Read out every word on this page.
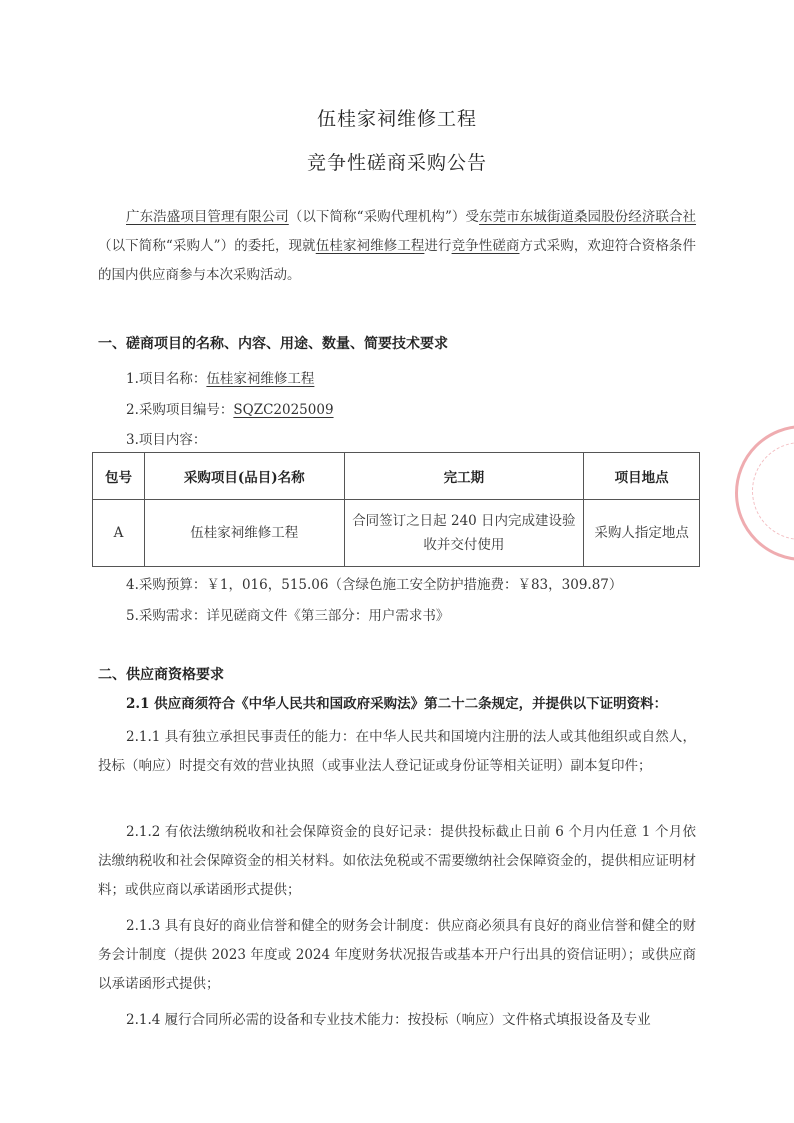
伍桂家祠维修工程
竞争性磋商采购公告
广东浩盛项目管理有限公司（以下简称“采购代理机构”）受东莞市东城街道桑园股份经济联合社（以下简称“采购人”）的委托，现就伍桂家祠维修工程进行竞争性磋商方式采购，欢迎符合资格条件的国内供应商参与本次采购活动。
一、磋商项目的名称、内容、用途、数量、简要技术要求
1.项目名称：伍桂家祠维修工程
2.采购项目编号：SQZC2025009
3.项目内容：
包号	采购项目(品目)名称	完工期	项目地点
A	伍桂家祠维修工程	合同签订之日起 240 日内完成建设验收并交付使用	采购人指定地点
4.采购预算：￥1，016，515.06（含绿色施工安全防护措施费：￥83，309.87）
5.采购需求：详见磋商文件《第三部分：用户需求书》
二、供应商资格要求
2.1 供应商须符合《中华人民共和国政府采购法》第二十二条规定，并提供以下证明资料：
2.1.1 具有独立承担民事责任的能力：在中华人民共和国境内注册的法人或其他组织或自然人，投标（响应）时提交有效的营业执照（或事业法人登记证或身份证等相关证明）副本复印件；
2.1.2 有依法缴纳税收和社会保障资金的良好记录：提供投标截止日前 6 个月内任意 1 个月依法缴纳税收和社会保障资金的相关材料。如依法免税或不需要缴纳社会保障资金的，提供相应证明材料；或供应商以承诺函形式提供；
2.1.3 具有良好的商业信誉和健全的财务会计制度：供应商必须具有良好的商业信誉和健全的财务会计制度（提供 2023 年度或 2024 年度财务状况报告或基本开户行出具的资信证明）；或供应商以承诺函形式提供；
2.1.4 履行合同所必需的设备和专业技术能力：按投标（响应）文件格式填报设备及专业
